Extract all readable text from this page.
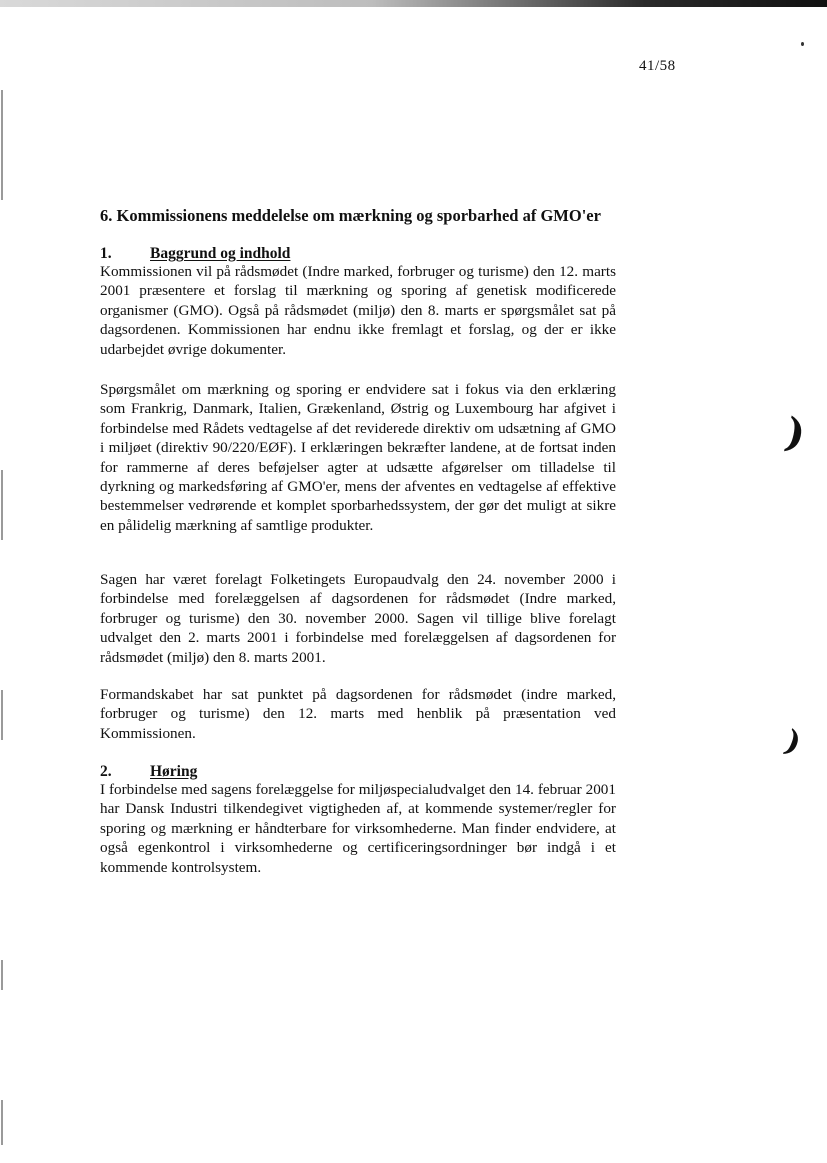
41/58
6. Kommissionens meddelelse om mærkning og sporbarhed af GMO'er
1. Baggrund og indhold
Kommissionen vil på rådsmødet (Indre marked, forbruger og turisme) den 12. marts 2001 præsentere et forslag til mærkning og sporing af genetisk modificerede organismer (GMO). Også på rådsmødet (miljø) den 8. marts er spørgsmålet sat på dagsordenen. Kommissionen har endnu ikke fremlagt et forslag, og der er ikke udarbejdet øvrige dokumenter.
Spørgsmålet om mærkning og sporing er endvidere sat i fokus via den erklæring som Frankrig, Danmark, Italien, Grækenland, Østrig og Luxembourg har afgivet i forbindelse med Rådets vedtagelse af det reviderede direktiv om udsætning af GMO i miljøet (direktiv 90/220/EØF). I erklæringen bekræfter landene, at de fortsat inden for rammerne af deres beføjelser agter at udsætte afgørelser om tilladelse til dyrkning og markedsføring af GMO'er, mens der afventes en vedtagelse af effektive bestemmelser vedrørende et komplet sporbarhedssystem, der gør det muligt at sikre en pålidelig mærkning af samtlige produkter.
Sagen har været forelagt Folketingets Europaudvalg den 24. november 2000 i forbindelse med forelæggelsen af dagsordenen for rådsmødet (Indre marked, forbruger og turisme) den 30. november 2000. Sagen vil tillige blive forelagt udvalget den 2. marts 2001 i forbindelse med forelæggelsen af dagsordenen for rådsmødet (miljø) den 8. marts 2001.
Formandskabet har sat punktet på dagsordenen for rådsmødet (indre marked, forbruger og turisme) den 12. marts med henblik på præsentation ved Kommissionen.
2. Høring
I forbindelse med sagens forelæggelse for miljøspecialudvalget den 14. februar 2001 har Dansk Industri tilkendegivet vigtigheden af, at kommende systemer/regler for sporing og mærkning er håndterbare for virksomhederne. Man finder endvidere, at også egenkontrol i virksomhederne og certificeringsordninger bør indgå i et kommende kontrolsystem.
)
)
